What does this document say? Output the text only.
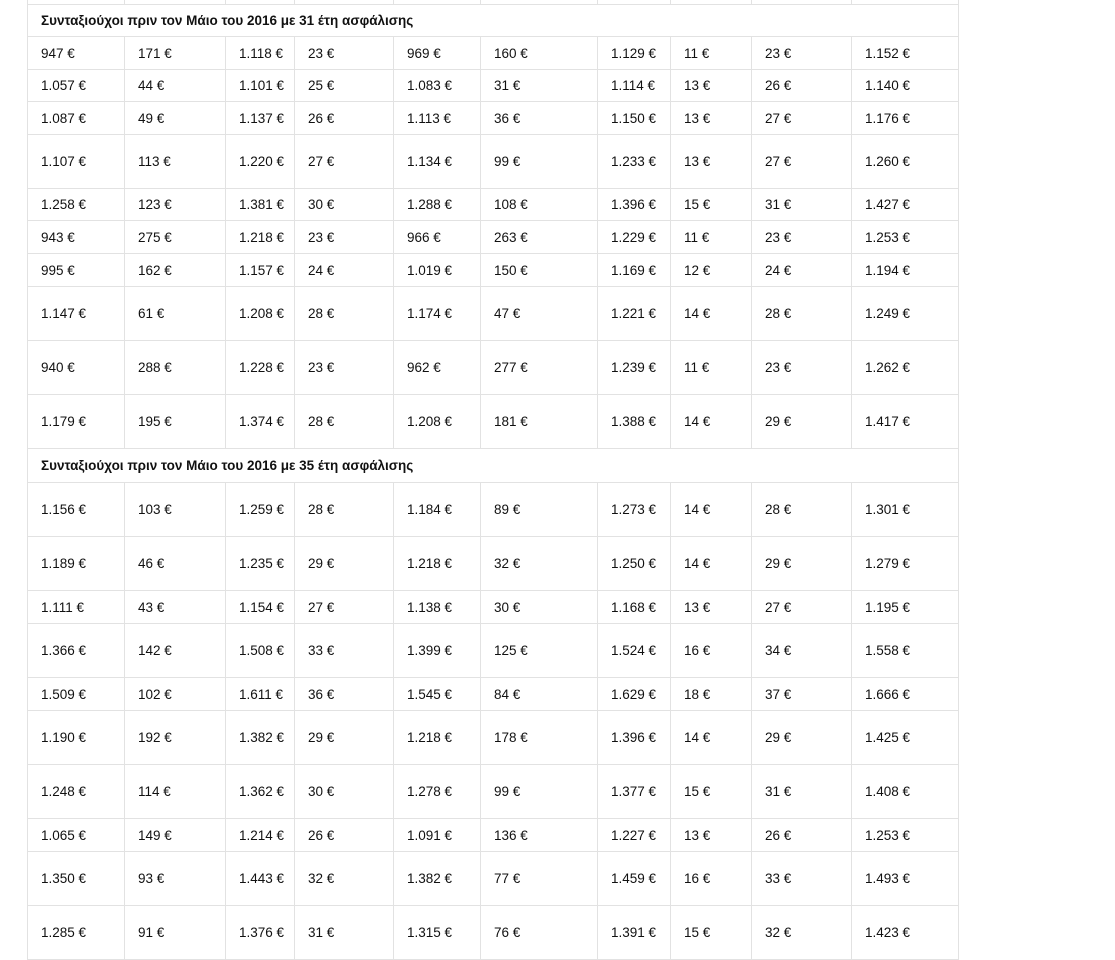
Συνταξιούχοι πριν τον Μάιο του 2016 με 31 έτη ασφάλισης									
947 €	171 €	1.118 €	23 €	969 €	160 €	1.129 €	11 €	23 €	1.152 €
1.057 €	44 €	1.101 €	25 €	1.083 €	31 €	1.114 €	13 €	26 €	1.140 €
1.087 €	49 €	1.137 €	26 €	1.113 €	36 €	1.150 €	13 €	27 €	1.176 €
1.107 €	113 €	1.220 €	27 €	1.134 €	99 €	1.233 €	13 €	27 €	1.260 €
1.258 €	123 €	1.381 €	30 €	1.288 €	108 €	1.396 €	15 €	31 €	1.427 €
943 €	275 €	1.218 €	23 €	966 €	263 €	1.229 €	11 €	23 €	1.253 €
995 €	162 €	1.157 €	24 €	1.019 €	150 €	1.169 €	12 €	24 €	1.194 €
1.147 €	61 €	1.208 €	28 €	1.174 €	47 €	1.221 €	14 €	28 €	1.249 €
940 €	288 €	1.228 €	23 €	962 €	277 €	1.239 €	11 €	23 €	1.262 €
1.179 €	195 €	1.374 €	28 €	1.208 €	181 €	1.388 €	14 €	29 €	1.417 €
Συνταξιούχοι πριν τον Μάιο του 2016 με 35 έτη ασφάλισης									
1.156 €	103 €	1.259 €	28 €	1.184 €	89 €	1.273 €	14 €	28 €	1.301 €
1.189 €	46 €	1.235 €	29 €	1.218 €	32 €	1.250 €	14 €	29 €	1.279 €
1.111 €	43 €	1.154 €	27 €	1.138 €	30 €	1.168 €	13 €	27 €	1.195 €
1.366 €	142 €	1.508 €	33 €	1.399 €	125 €	1.524 €	16 €	34 €	1.558 €
1.509 €	102 €	1.611 €	36 €	1.545 €	84 €	1.629 €	18 €	37 €	1.666 €
1.190 €	192 €	1.382 €	29 €	1.218 €	178 €	1.396 €	14 €	29 €	1.425 €
1.248 €	114 €	1.362 €	30 €	1.278 €	99 €	1.377 €	15 €	31 €	1.408 €
1.065 €	149 €	1.214 €	26 €	1.091 €	136 €	1.227 €	13 €	26 €	1.253 €
1.350 €	93 €	1.443 €	32 €	1.382 €	77 €	1.459 €	16 €	33 €	1.493 €
1.285 €	91 €	1.376 €	31 €	1.315 €	76 €	1.391 €	15 €	32 €	1.423 €
